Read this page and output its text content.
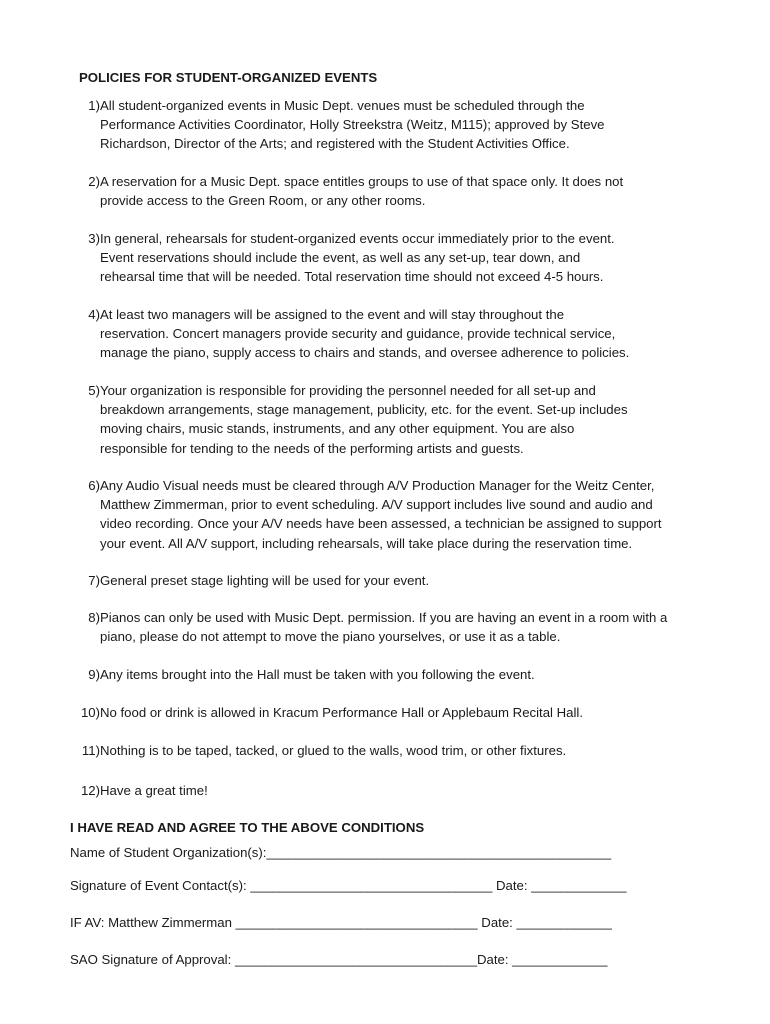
POLICIES FOR STUDENT-ORGANIZED EVENTS
1) All student-organized events in Music Dept. venues must be scheduled through the
Performance Activities Coordinator, Holly Streekstra (Weitz, M115); approved by Steve
Richardson, Director of the Arts; and registered with the Student Activities Office.
2) A reservation for a Music Dept. space entitles groups to use of that space only. It does not
provide access to the Green Room, or any other rooms.
3) In general, rehearsals for student-organized events occur immediately prior to the event.
Event reservations should include the event, as well as any set-up, tear down, and
rehearsal time that will be needed. Total reservation time should not exceed 4-5 hours.
4) At least two managers will be assigned to the event and will stay throughout the
reservation. Concert managers provide security and guidance, provide technical service,
manage the piano, supply access to chairs and stands, and oversee adherence to policies.
5) Your organization is responsible for providing the personnel needed for all set-up and
breakdown arrangements, stage management, publicity, etc. for the event. Set-up includes
moving chairs, music stands, instruments, and any other equipment. You are also
responsible for tending to the needs of the performing artists and guests.
6) Any Audio Visual needs must be cleared through A/V Production Manager for the Weitz Center,
Matthew Zimmerman, prior to event scheduling. A/V support includes live sound and audio and
video recording. Once your A/V needs have been assessed, a technician be assigned to support
your event. All A/V support, including rehearsals, will take place during the reservation time.
7) General preset stage lighting will be used for your event.
8) Pianos can only be used with Music Dept. permission. If you are having an event in a room with a
piano, please do not attempt to move the piano yourselves, or use it as a table.
9) Any items brought into the Hall must be taken with you following the event.
10) No food or drink is allowed in Kracum Performance Hall or Applebaum Recital Hall.
11) Nothing is to be taped, tacked, or glued to the walls, wood trim, or other fixtures.
12) Have a great time!
I HAVE READ AND AGREE TO THE ABOVE CONDITIONS
Name of Student Organization(s):_______________________________________________
Signature of Event Contact(s): _________________________________ Date: _____________
IF AV: Matthew Zimmerman _________________________________ Date: _____________
SAO Signature of Approval: _________________________________Date: _____________
